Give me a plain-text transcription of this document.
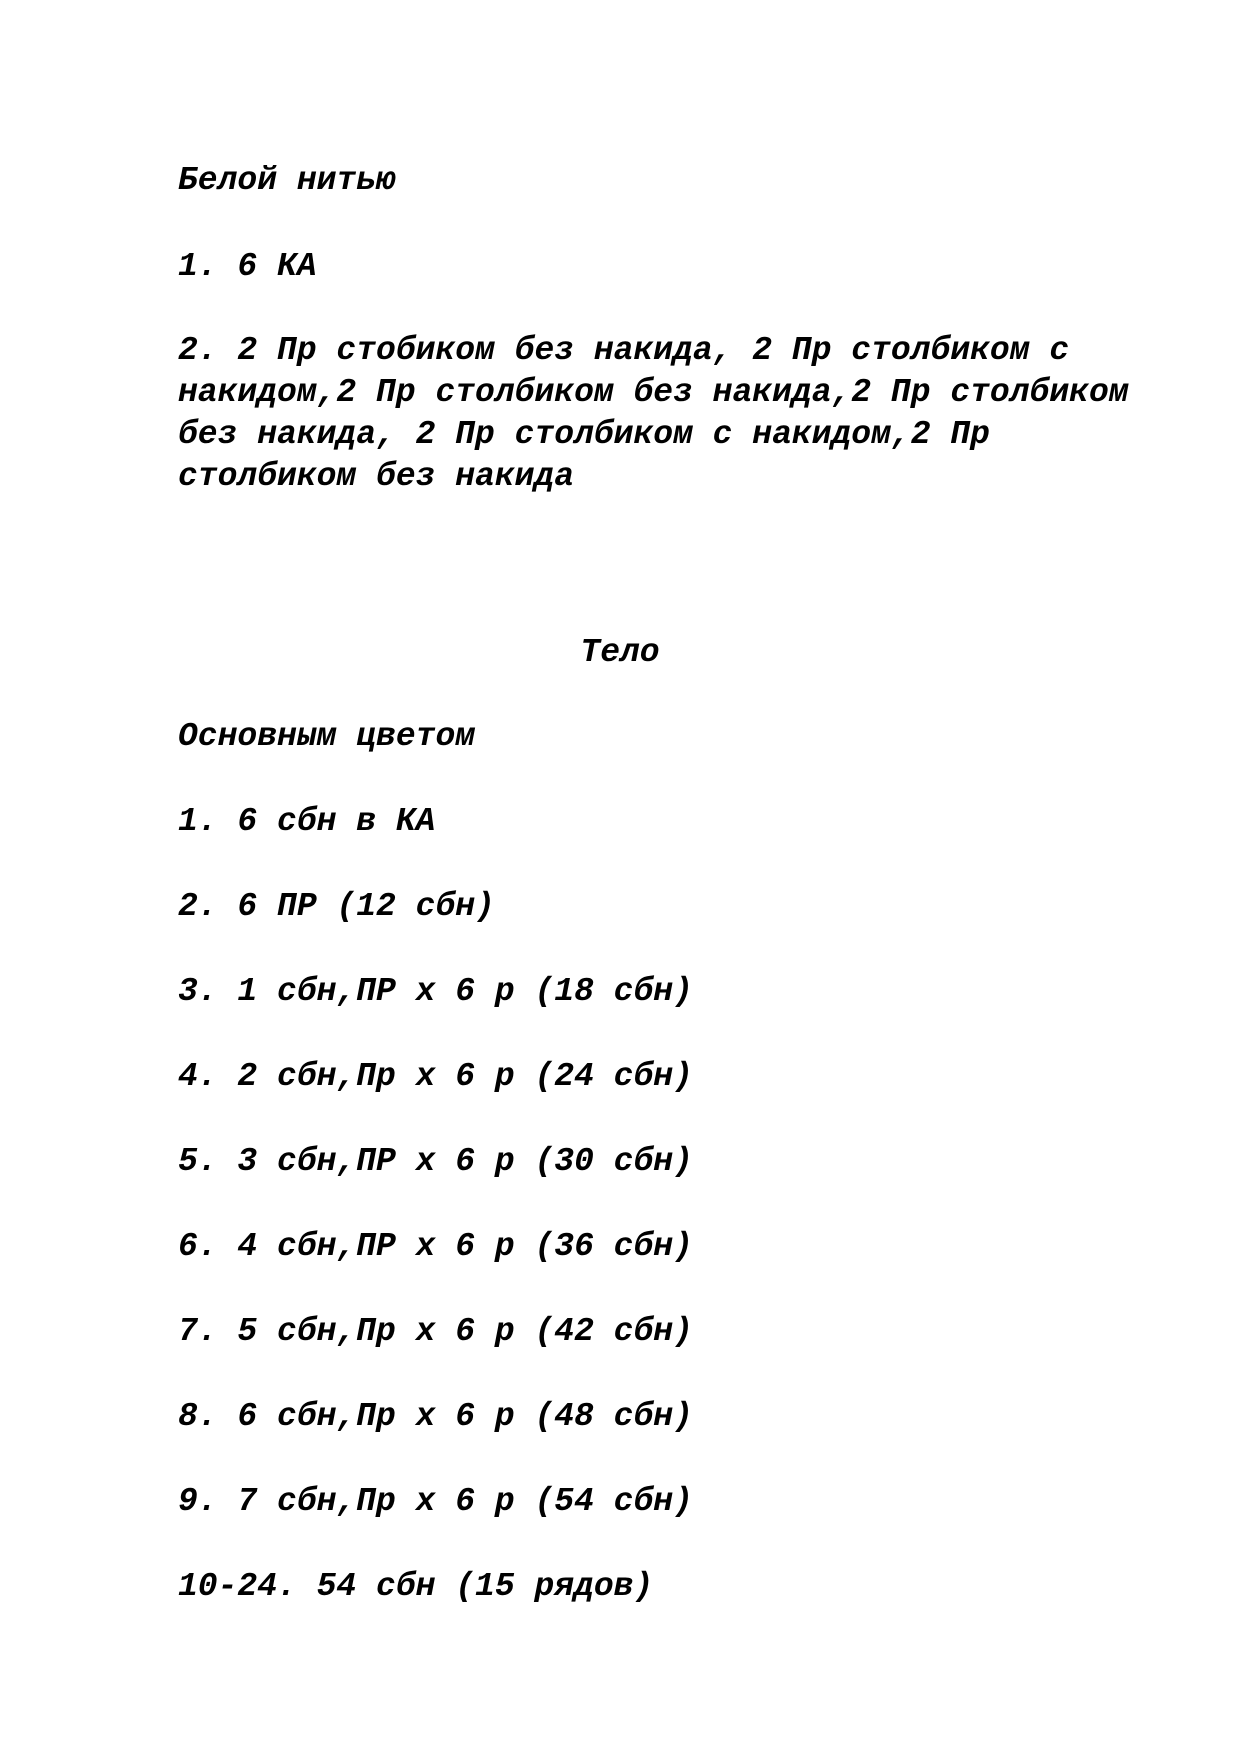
Белой нитью

1. 6 КА

2. 2 Пр стобиком без накида, 2 Пр столбиком с накидом,2 Пр столбиком без накида,2 Пр столбиком без накида, 2 Пр столбиком с накидом,2 Пр столбиком без накида

Тело

Основным цветом

1. 6 сбн в КА

2. 6 ПР (12 сбн)

3. 1 сбн,ПР х 6 р (18 сбн)

4. 2 сбн,Пр х 6 р (24 сбн)

5. 3 сбн,ПР х 6 р (30 сбн)

6. 4 сбн,ПР х 6 р (36 сбн)

7. 5 сбн,Пр х 6 р (42 сбн)

8. 6 сбн,Пр х 6 р (48 сбн)

9. 7 сбн,Пр х 6 р (54 сбн)

10-24. 54 сбн (15 рядов)
